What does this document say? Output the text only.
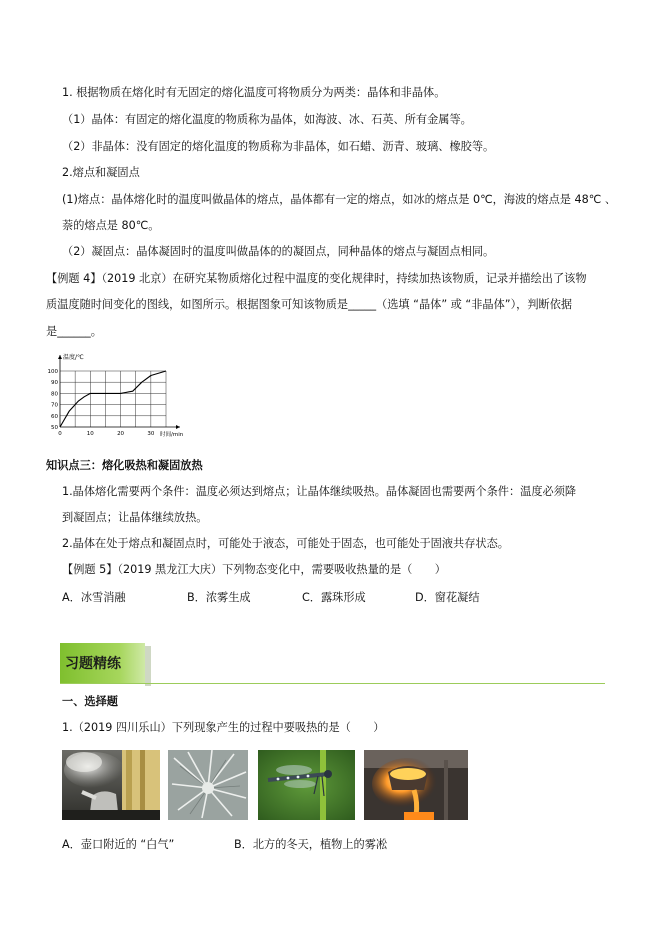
1. 根据物质在熔化时有无固定的熔化温度可将物质分为两类：晶体和非晶体。
（1）晶体：有固定的熔化温度的物质称为晶体，如海波、冰、石英、所有金属等。
（2）非晶体：没有固定的熔化温度的物质称为非晶体，如石蜡、沥青、玻璃、橡胶等。
2.熔点和凝固点
(1)熔点：晶体熔化时的温度叫做晶体的熔点，晶体都有一定的熔点，如冰的熔点是 0℃，海波的熔点是 48℃ 、
萘的熔点是 80℃。
（2）凝固点：晶体凝固时的温度叫做晶体的的凝固点，同种晶体的熔点与凝固点相同。
【例题 4】（2019 北京）在研究某物质熔化过程中温度的变化规律时，持续加热该物质，记录并描绘出了该物
质温度随时间变化的图线，如图所示。根据图象可知该物质是_____（选填 “晶体” 或 “非晶体”），判断依据
是______。
50
60
70
80
90
100
0	10	20	30
温度/℃
时间/min
知识点三：熔化吸热和凝固放热
1.晶体熔化需要两个条件：温度必须达到熔点；让晶体继续吸热。晶体凝固也需要两个条件：温度必须降
到凝固点；让晶体继续放热。
2.晶体在处于熔点和凝固点时，可能处于液态，可能处于固态，也可能处于固液共存状态。
【例题 5】（2019 黑龙江大庆）下列物态变化中，需要吸收热量的是（　　）
A．冰雪消融	B．浓雾生成	C．露珠形成	D．窗花凝结
习题精练
一、选择题
1.（2019 四川乐山）下列现象产生的过程中要吸热的是（　　）
A．壶口附近的 “白气”	B．北方的冬天，植物上的雾凇
